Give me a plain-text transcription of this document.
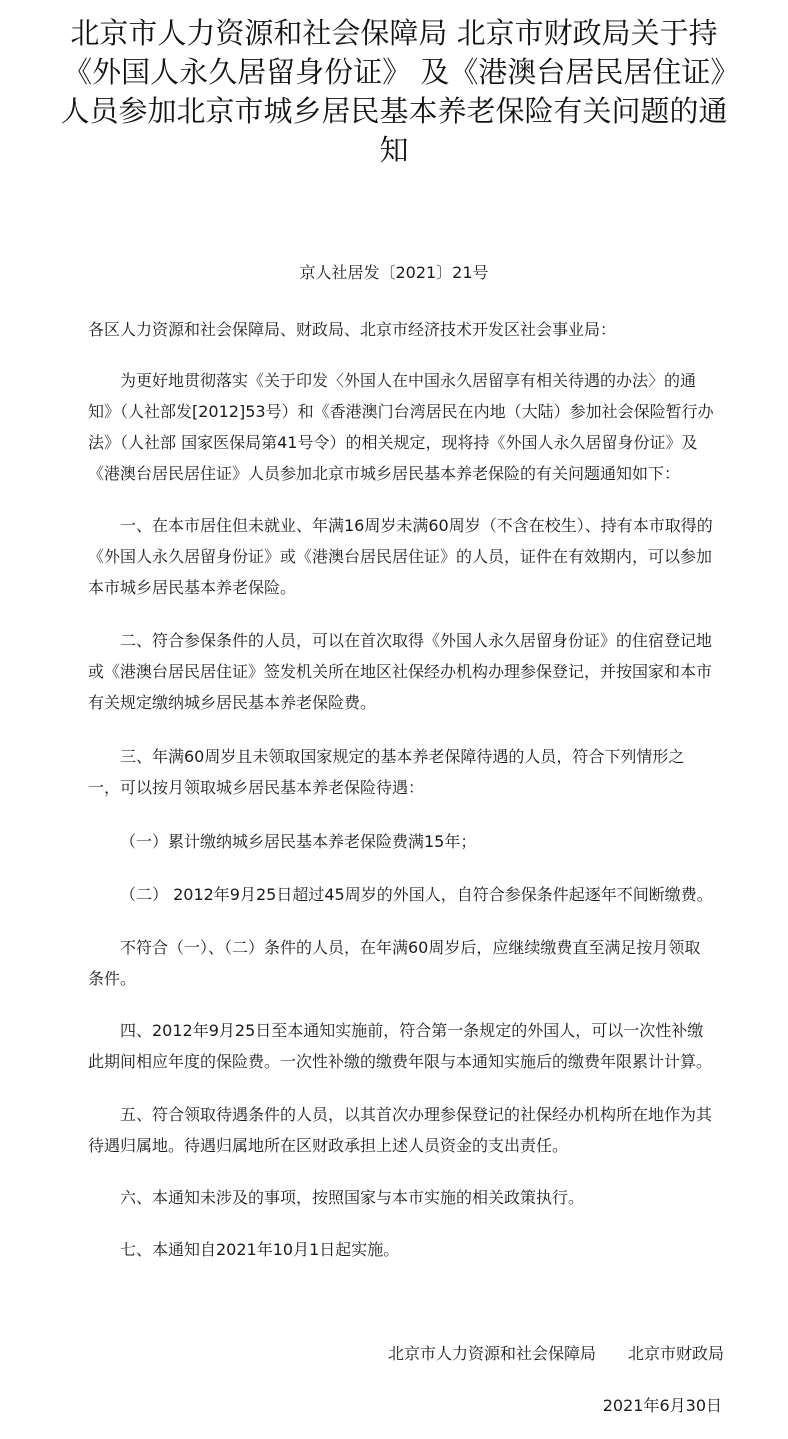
北京市人力资源和社会保障局 北京市财政局关于持《外国人永久居留身份证》 及《港澳台居民居住证》人员参加北京市城乡居民基本养老保险有关问题的通知
京人社居发〔2021〕21号

各区人力资源和社会保障局、财政局、北京市经济技术开发区社会事业局：

为更好地贯彻落实《关于印发〈外国人在中国永久居留享有相关待遇的办法〉的通知》（人社部发[2012]53号）和《香港澳门台湾居民在内地（大陆）参加社会保险暂行办法》（人社部 国家医保局第41号令）的相关规定，现将持《外国人永久居留身份证》及《港澳台居民居住证》人员参加北京市城乡居民基本养老保险的有关问题通知如下：

一、在本市居住但未就业、年满16周岁未满60周岁（不含在校生）、持有本市取得的《外国人永久居留身份证》或《港澳台居民居住证》的人员，证件在有效期内，可以参加本市城乡居民基本养老保险。

二、符合参保条件的人员，可以在首次取得《外国人永久居留身份证》的住宿登记地或《港澳台居民居住证》签发机关所在地区社保经办机构办理参保登记，并按国家和本市有关规定缴纳城乡居民基本养老保险费。

三、年满60周岁且未领取国家规定的基本养老保障待遇的人员，符合下列情形之一，可以按月领取城乡居民基本养老保险待遇：

（一）累计缴纳城乡居民基本养老保险费满15年；

（二） 2012年9月25日超过45周岁的外国人，自符合参保条件起逐年不间断缴费。

不符合（一）、（二）条件的人员，在年满60周岁后，应继续缴费直至满足按月领取条件。

四、2012年9月25日至本通知实施前，符合第一条规定的外国人，可以一次性补缴此期间相应年度的保险费。一次性补缴的缴费年限与本通知实施后的缴费年限累计计算。

五、符合领取待遇条件的人员，以其首次办理参保登记的社保经办机构所在地作为其待遇归属地。待遇归属地所在区财政承担上述人员资金的支出责任。

六、本通知未涉及的事项，按照国家与本市实施的相关政策执行。

七、本通知自2021年10月1日起实施。

北京市人力资源和社会保障局 北京市财政局
2021年6月30日
